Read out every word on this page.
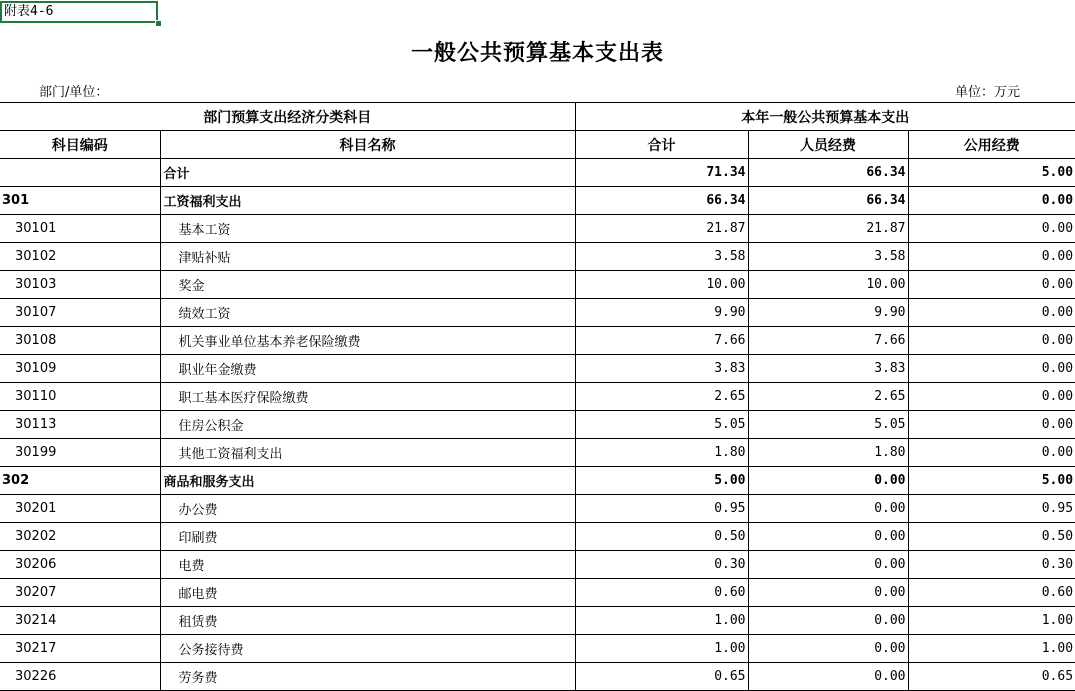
附表4-6
一般公共预算基本支出表
部门/单位：	单位：万元
部门预算支出经济分类科目		本年一般公共预算基本支出		
科目编码	科目名称	合计	人员经费	公用经费
	合计	71.34	66.34	5.00
301	工资福利支出	66.34	66.34	0.00
30101	基本工资	21.87	21.87	0.00
30102	津贴补贴	3.58	3.58	0.00
30103	奖金	10.00	10.00	0.00
30107	绩效工资	9.90	9.90	0.00
30108	机关事业单位基本养老保险缴费	7.66	7.66	0.00
30109	职业年金缴费	3.83	3.83	0.00
30110	职工基本医疗保险缴费	2.65	2.65	0.00
30113	住房公积金	5.05	5.05	0.00
30199	其他工资福利支出	1.80	1.80	0.00
302	商品和服务支出	5.00	0.00	5.00
30201	办公费	0.95	0.00	0.95
30202	印刷费	0.50	0.00	0.50
30206	电费	0.30	0.00	0.30
30207	邮电费	0.60	0.00	0.60
30214	租赁费	1.00	0.00	1.00
30217	公务接待费	1.00	0.00	1.00
30226	劳务费	0.65	0.00	0.65
